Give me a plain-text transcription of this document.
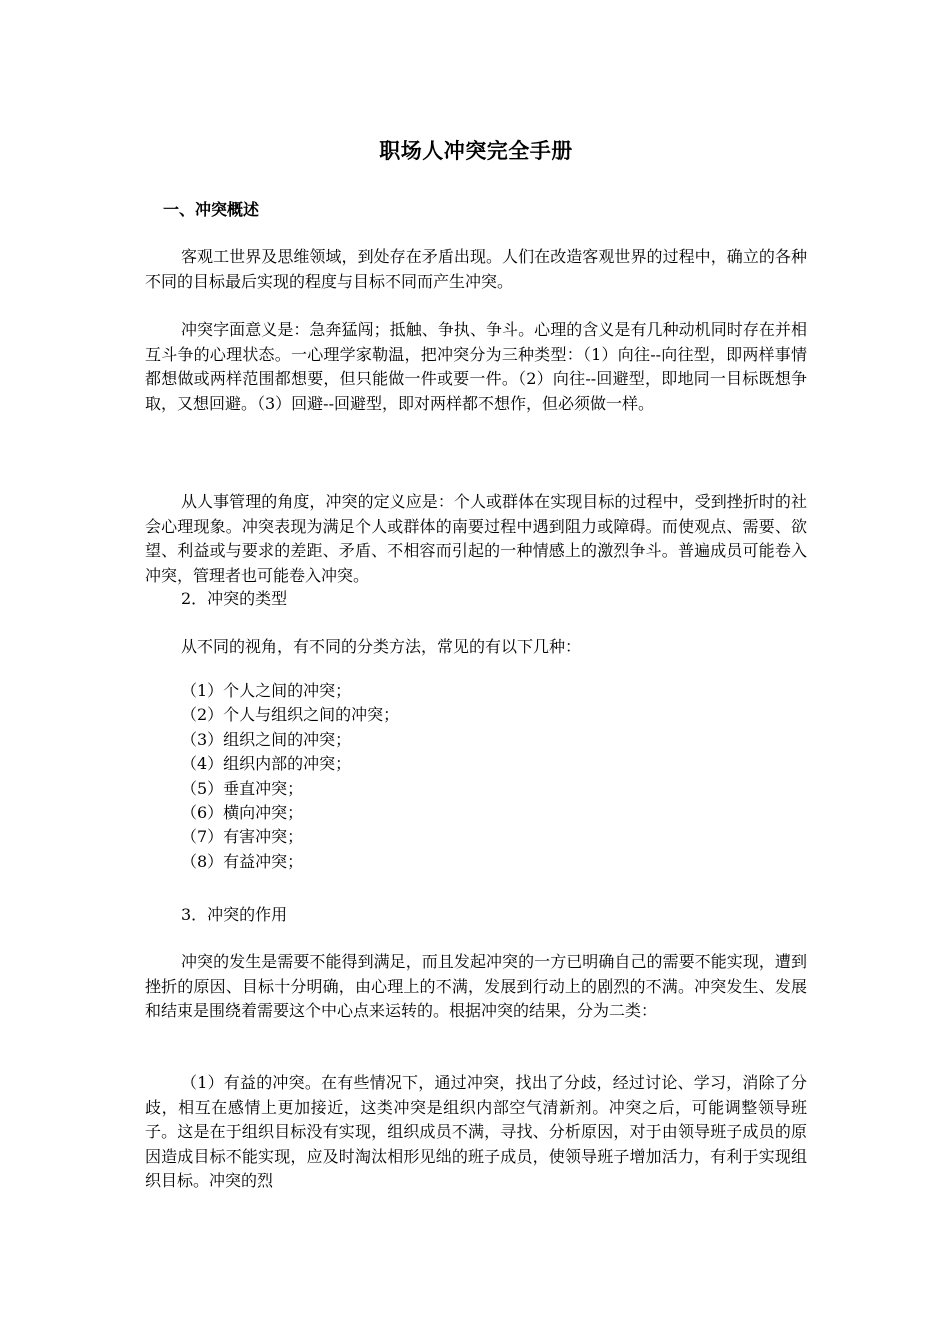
职场人冲突完全手册
一、冲突概述

客观工世界及思维领域，到处存在矛盾出现。人们在改造客观世界的过程中，确立的各种不同的目标最后实现的程度与目标不同而产生冲突。

冲突字面意义是：急奔猛闯；抵触、争执、争斗。心理的含义是有几种动机同时存在并相互斗争的心理状态。一心理学家勒温，把冲突分为三种类型：（1）向往--向往型，即两样事情都想做或两样范围都想要，但只能做一件或要一件。（2）向往--回避型，即地同一目标既想争取，又想回避。（3）回避--回避型，即对两样都不想作，但必须做一样。

从人事管理的角度，冲突的定义应是：个人或群体在实现目标的过程中，受到挫折时的社会心理现象。冲突表现为满足个人或群体的南要过程中遇到阻力或障碍。而使观点、需要、欲望、利益或与要求的差距、矛盾、不相容而引起的一种情感上的激烈争斗。普遍成员可能卷入冲突，管理者也可能卷入冲突。

2．冲突的类型

从不同的视角，有不同的分类方法，常见的有以下几种：

（1）个人之间的冲突；
（2）个人与组织之间的冲突；
（3）组织之间的冲突；
（4）组织内部的冲突；
（5）垂直冲突；
（6）横向冲突；
（7）有害冲突；
（8）有益冲突；

3．冲突的作用

冲突的发生是需要不能得到满足，而且发起冲突的一方已明确自己的需要不能实现，遭到挫折的原因、目标十分明确，由心理上的不满，发展到行动上的剧烈的不满。冲突发生、发展和结束是围绕着需要这个中心点来运转的。根据冲突的结果，分为二类：

（1）有益的冲突。在有些情况下，通过冲突，找出了分歧，经过讨论、学习，消除了分歧，相互在感情上更加接近，这类冲突是组织内部空气清新剂。冲突之后，可能调整领导班子。这是在于组织目标没有实现，组织成员不满，寻找、分析原因，对于由领导班子成员的原因造成目标不能实现，应及时淘汰相形见绌的班子成员，使领导班子增加活力，有利于实现组织目标。冲突的烈
